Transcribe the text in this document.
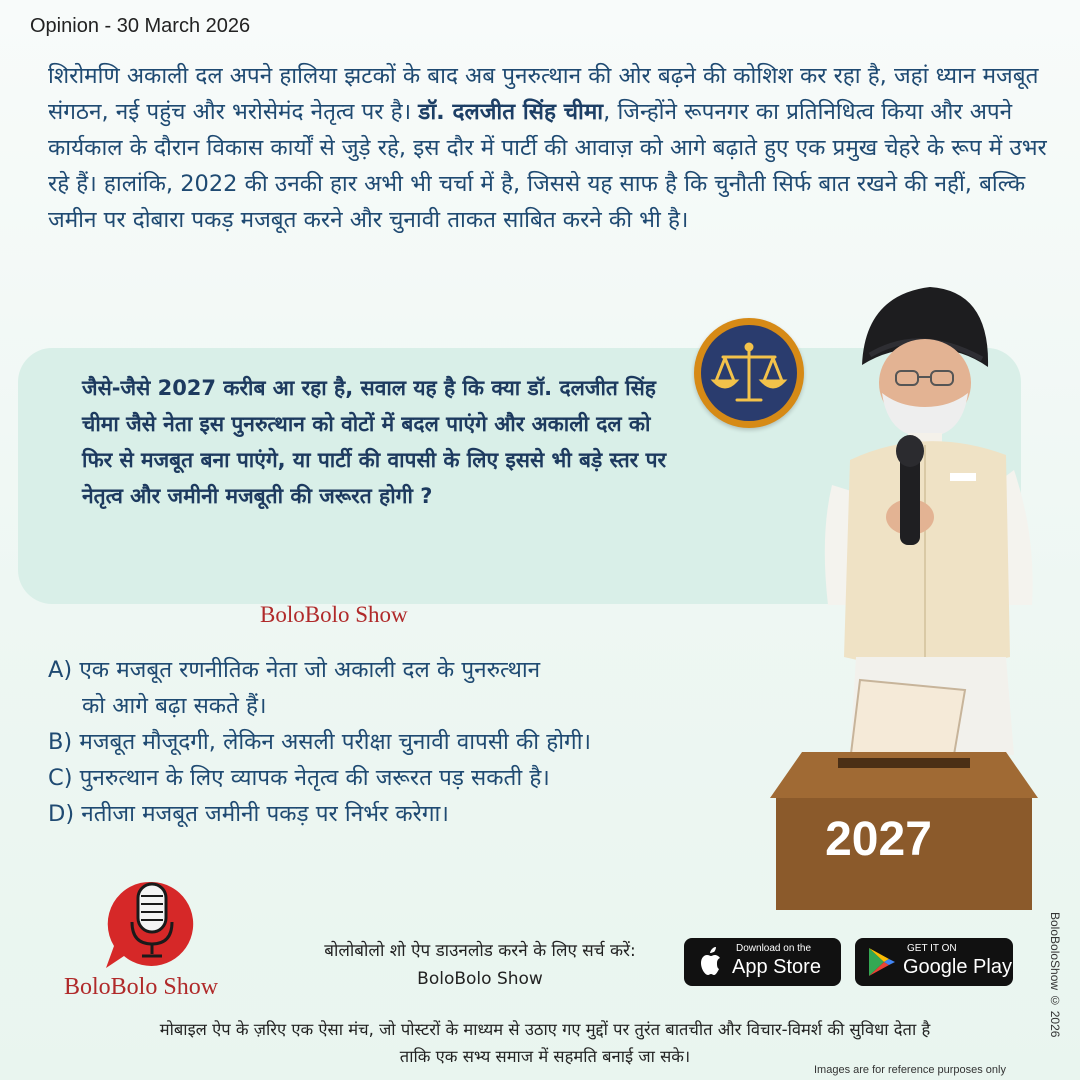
Opinion - 30 March 2026
शिरोमणि अकाली दल अपने हालिया झटकों के बाद अब पुनरुत्थान की ओर बढ़ने की कोशिश कर रहा है, जहां ध्यान मजबूत संगठन, नई पहुंच और भरोसेमंद नेतृत्व पर है। डॉ. दलजीत सिंह चीमा, जिन्होंने रूपनगर का प्रतिनिधित्व किया और अपने कार्यकाल के दौरान विकास कार्यों से जुड़े रहे, इस दौर में पार्टी की आवाज़ को आगे बढ़ाते हुए एक प्रमुख चेहरे के रूप में उभर रहे हैं। हालांकि, 2022 की उनकी हार अभी भी चर्चा में है, जिससे यह साफ है कि चुनौती सिर्फ बात रखने की नहीं, बल्कि जमीन पर दोबारा पकड़ मजबूत करने और चुनावी ताकत साबित करने की भी है।
जैसे-जैसे 2027 करीब आ रहा है, सवाल यह है कि क्या डॉ. दलजीत सिंह चीमा जैसे नेता इस पुनरुत्थान को वोटों में बदल पाएंगे और अकाली दल को फिर से मजबूत बना पाएंगे, या पार्टी की वापसी के लिए इससे भी बड़े स्तर पर नेतृत्व और जमीनी मजबूती की जरूरत होगी ?
BoloBolo Show
A) एक मजबूत रणनीतिक नेता जो अकाली दल के पुनरुत्थान
को आगे बढ़ा सकते हैं।
B) मजबूत मौजूदगी, लेकिन असली परीक्षा चुनावी वापसी की होगी।
C) पुनरुत्थान के लिए व्यापक नेतृत्व की जरूरत पड़ सकती है।
D) नतीजा मजबूत जमीनी पकड़ पर निर्भर करेगा।	2027
BoloBolo Show
बोलोबोलो शो ऐप डाउनलोड करने के लिए सर्च करें:
BoloBolo Show
Download on the
App Store
GET IT ON
Google Play
मोबाइल ऐप के ज़रिए एक ऐसा मंच, जो पोस्टरों के माध्यम से उठाए गए मुद्दों पर तुरंत बातचीत और विचार-विमर्श की सुविधा देता है
ताकि एक सभ्य समाज में सहमति बनाई जा सके।
BoloBoloShow © 2026
Images are for reference purposes only
